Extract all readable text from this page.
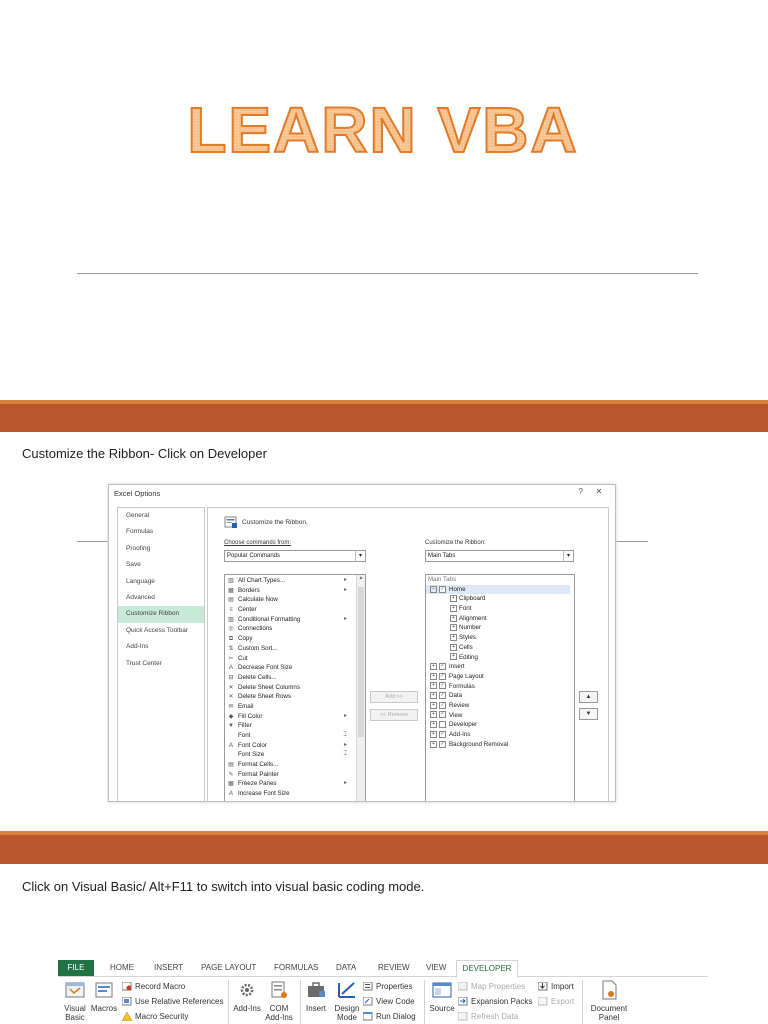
LEARN VBA
Customize the Ribbon- Click on Developer
Excel Options	? ✕
General
Formulas
Proofing
Save
Language
Advanced
Customize Ribbon
Quick Access Toolbar
Add-Ins
Trust Center
Customize the Ribbon.
Choose commands from:
Popular Commands	▾
Customize the Ribbon:
Main Tabs	▾
▥ All Chart Types...	▸
▦ Borders	▸
▤ Calculate Now
≡ Center
▧ Conditional Formatting	▸
◎ Connections
⧉ Copy
⇅ Custom Sort...
✂ Cut
A Decrease Font Size
⊟ Delete Cells...
✕ Delete Sheet Columns
✕ Delete Sheet Rows
✉ Email
◆ Fill Color	▸
▼ Filter
Font	⌶
A Font Color	▸
Font Size	⌶
▤ Format Cells...
✎ Format Painter
▦ Freeze Panes	▸
A Increase Font Size
▲
Add >>
<< Remove
Main Tabs
− ✓ Home
+ Clipboard
+ Font
+ Alignment
+ Number
+ Styles
+ Cells
+ Editing
+ ✓ Insert
+ ✓ Page Layout
+ ✓ Formulas
+ ✓ Data
+ ✓ Review
+ ✓ View
+ Developer
+ ✓ Add-Ins
+ ✓ Background Removal
▲
▼
Click on Visual Basic/ Alt+F11 to switch into visual basic coding mode.
FILE	HOME	INSERT PAGE LAYOUT	FORMULAS	DATA	REVIEW VIEW	DEVELOPER
Visual Basic
Macros
Record Macro
Use Relative References
Macro Security
Add-Ins	COM Add-Ins
Insert	Design Mode
Properties
View Code
Run Dialog
Source
Map Properties
Expansion Packs
Refresh Data
Import
Export
Document Panel
